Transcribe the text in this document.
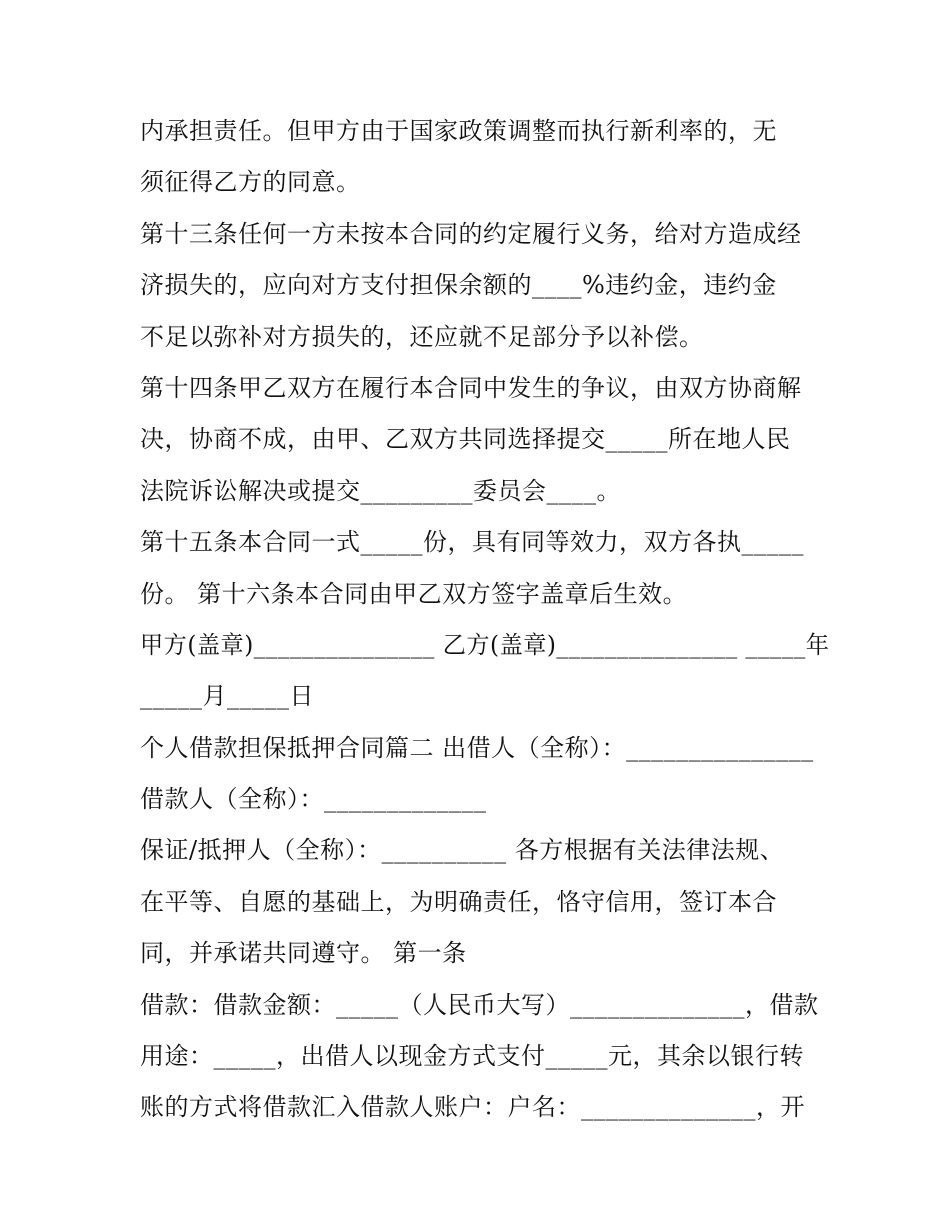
内承担责任。但甲方由于国家政策调整而执行新利率的，无
须征得乙方的同意。
第十三条任何一方未按本合同的约定履行义务，给对方造成经
济损失的，应向对方支付担保余额的____%违约金，违约金
不足以弥补对方损失的，还应就不足部分予以补偿。
第十四条甲乙双方在履行本合同中发生的争议，由双方协商解
决，协商不成，由甲、乙双方共同选择提交_____所在地人民
法院诉讼解决或提交_________委员会____。
第十五条本合同一式_____份，具有同等效力，双方各执_____
份。 第十六条本合同由甲乙双方签字盖章后生效。
甲方(盖章)_______________ 乙方(盖章)_______________ _____年
_____月_____日
个人借款担保抵押合同篇二 出借人（全称）：_______________
借款人（全称）：_____________
保证/抵押人（全称）：__________ 各方根据有关法律法规、
在平等、自愿的基础上，为明确责任，恪守信用，签订本合
同，并承诺共同遵守。 第一条
借款：借款金额：_____（人民币大写）______________，借款
用途：_____，出借人以现金方式支付_____元，其余以银行转
账的方式将借款汇入借款人账户：户名：______________，开
